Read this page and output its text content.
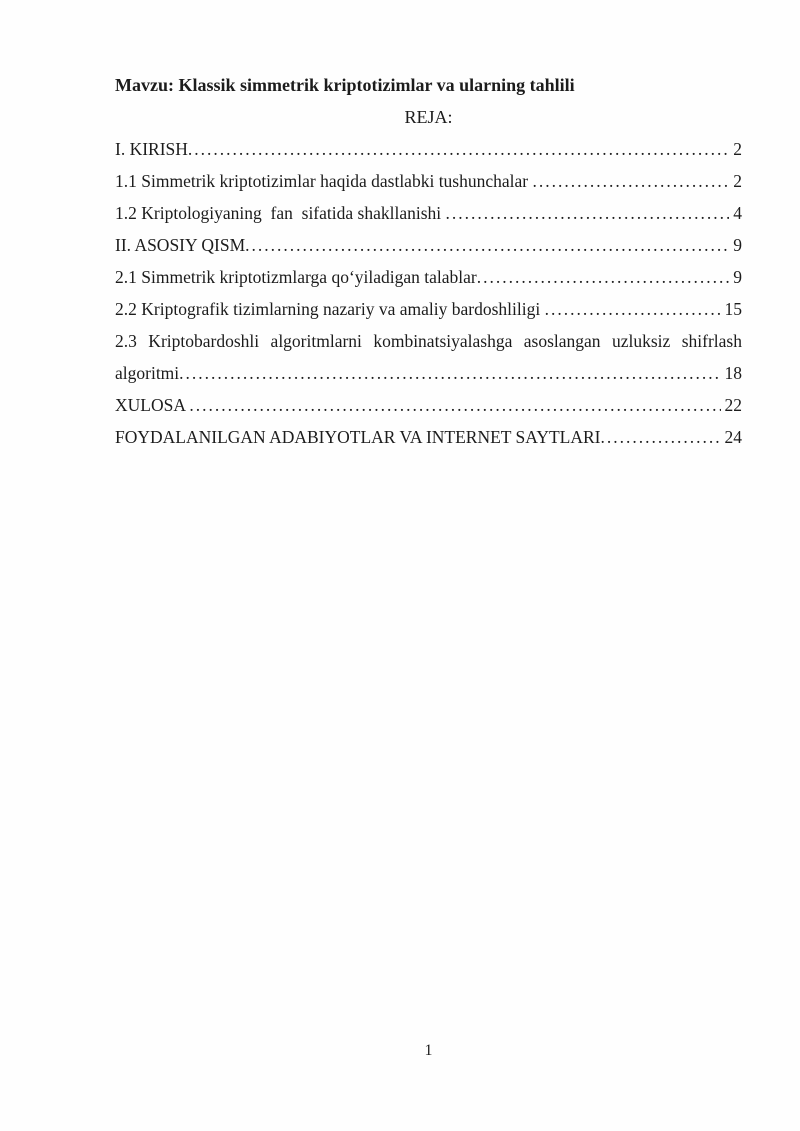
Mavzu: Klassik simmetrik kriptotizimlar va ularning tahlili
REJA:
I. KIRISH .....	2
1.1 Simmetrik kriptotizimlar haqida dastlabki tushunchalar .....	2
1.2 Kriptologiyaning  fan  sifatida shakllanishi .....	4
II. ASOSIY QISM .....	9
2.1 Simmetrik kriptotizmlarga qoʻyiladigan talablar .....	9
2.2 Kriptografik tizimlarning nazariy va amaliy bardoshliligi .....	15
2.3 Kriptobardoshli algoritmlarni kombinatsiyalashga asoslangan uzluksiz shifrlash
algoritmi .....	18
XULOSA .....	22
FOYDALANILGAN ADABIYOTLAR VA INTERNET SAYTLARI .....	24
1
